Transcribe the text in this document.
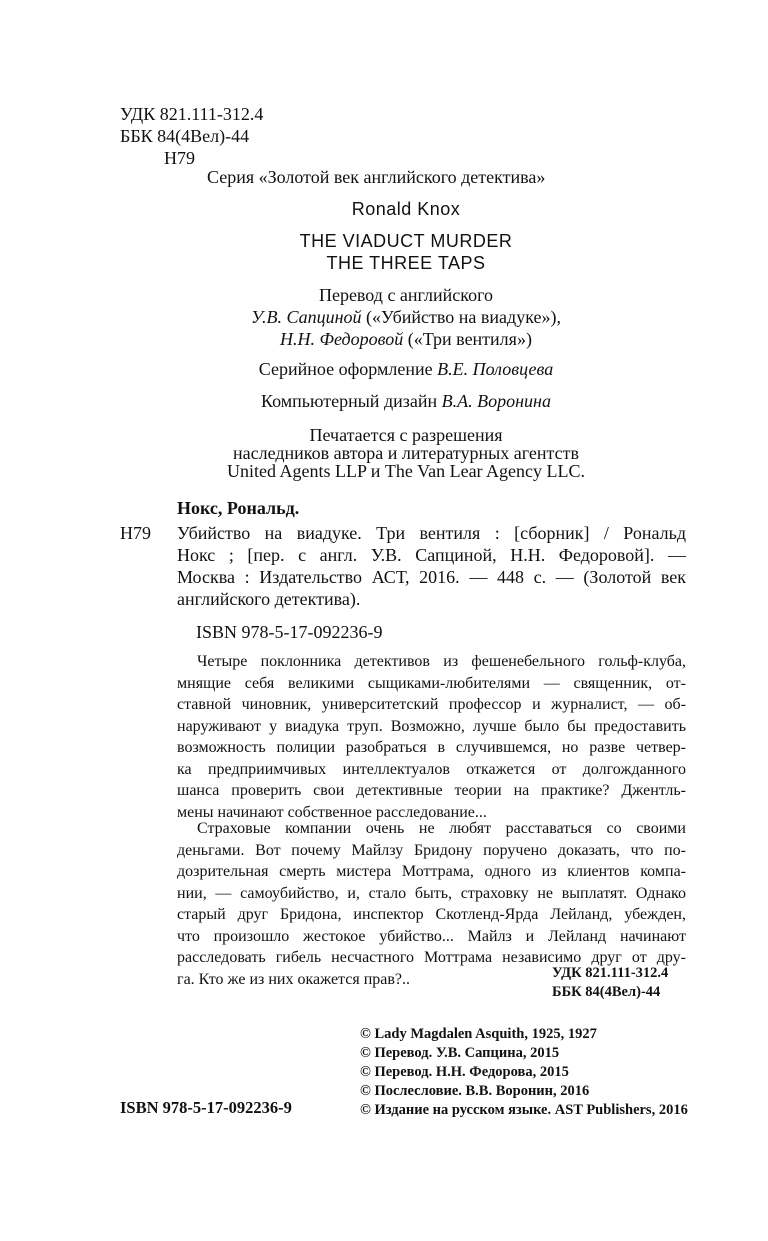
УДК 821.111-312.4
ББК 84(4Вел)-44
Н79
Серия «Золотой век английского детектива»
Ronald Knox
THE VIADUCT MURDER
THE THREE TAPS
Перевод с английского
У.В. Сапциной («Убийство на виадуке»),
Н.Н. Федоровой («Три вентиля»)
Серийное оформление В.Е. Половцева
Компьютерный дизайн В.А. Воронина
Печатается с разрешения
наследников автора и литературных агентств
United Agents LLP и The Van Lear Agency LLC.
Нокс, Рональд.
Н79 Убийство на виадуке. Три вентиля : [сборник] / Рональд
Нокс ; [пер. с англ. У.В. Сапциной, Н.Н. Федоровой]. —
Москва : Издательство АСТ, 2016. — 448 с. — (Золотой век
английского детектива).
ISBN 978-5-17-092236-9
Четыре поклонника детективов из фешенебельного гольф-клуба,
мнящие себя великими сыщиками-любителями — священник, от-
ставной чиновник, университетский профессор и журналист, — об-
наруживают у виадука труп. Возможно, лучше было бы предоставить
возможность полиции разобраться в случившемся, но разве четвер-
ка предприимчивых интеллектуалов откажется от долгожданного
шанса проверить свои детективные теории на практике? Джентль-
мены начинают собственное расследование...
Страховые компании очень не любят расставаться со своими
деньгами. Вот почему Майлзу Бридону поручено доказать, что по-
дозрительная смерть мистера Моттрама, одного из клиентов компа-
нии, — самоубийство, и, стало быть, страховку не выплатят. Однако
старый друг Бридона, инспектор Скотленд-Ярда Лейланд, убежден,
что произошло жестокое убийство... Майлз и Лейланд начинают
расследовать гибель несчастного Моттрама независимо друг от дру-
га. Кто же из них окажется прав?..	УДК 821.111-312.4
ББК 84(4Вел)-44
© Lady Magdalen Asquith, 1925, 1927
© Перевод. У.В. Сапцина, 2015
© Перевод. Н.Н. Федорова, 2015
© Послесловие. В.В. Воронин, 2016
© Издание на русском языке. AST Publishers, 2016
ISBN 978-5-17-092236-9
